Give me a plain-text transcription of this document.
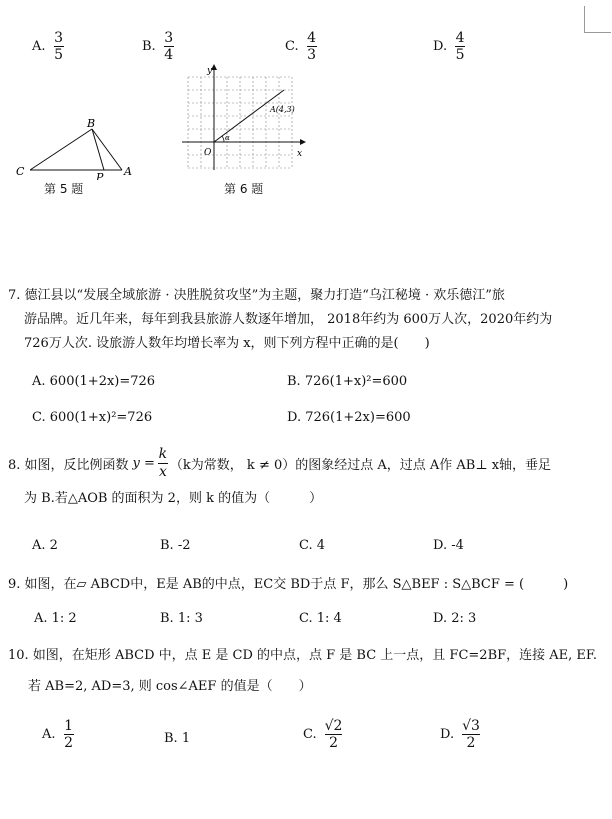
A. $\frac{3}{5}$	B. $\frac{3}{4}$	C. $\frac{4}{3}$	D. $\frac{4}{5}$
B
C	P A
第 5 题
y
x
O
A(4,3)
α
第 6 题
7. 德江县以“发展全域旅游 · 决胜脱贫攻坚”为主题，聚力打造“乌江秘境 · 欢乐德江”旅
游品牌。近几年来，每年到我县旅游人数逐年增加， 2018年约为 600万人次，2020年约为
726万人次. 设旅游人数年均增长率为 x，则下列方程中正确的是(　　)
A. 600(1+2x)=726	B. 726(1+x)²=600
C. 600(1+x)²=726	D. 726(1+2x)=600
8. 如图，反比例函数 $y = \frac{k}{x} (k$为常数， k ≠ 0）的图象经过点 A，过点 A作 AB⊥ x轴，垂足
为 B.若△AOB 的面积为 2，则 k 的值为（　　　）
A. 2	B. -2	C. 4	D. -4
9. 如图，在▱ ABCD中，E是 AB的中点，EC交 BD于点 F，那么 S△BEF : S△BCF = (　　　)
A. 1: 2	B. 1: 3	C. 1: 4	D. 2: 3
10. 如图，在矩形 ABCD 中，点 E 是 CD 的中点，点 F 是 BC 上一点，且 FC=2BF，连接 AE, EF.
若 AB=2, AD=3, 则 cos∠AEF 的值是（　　）
A. $\frac{1}{2}$	B. 1	C. $\frac{√2}{2}$	D. $\frac{√3}{2}$
